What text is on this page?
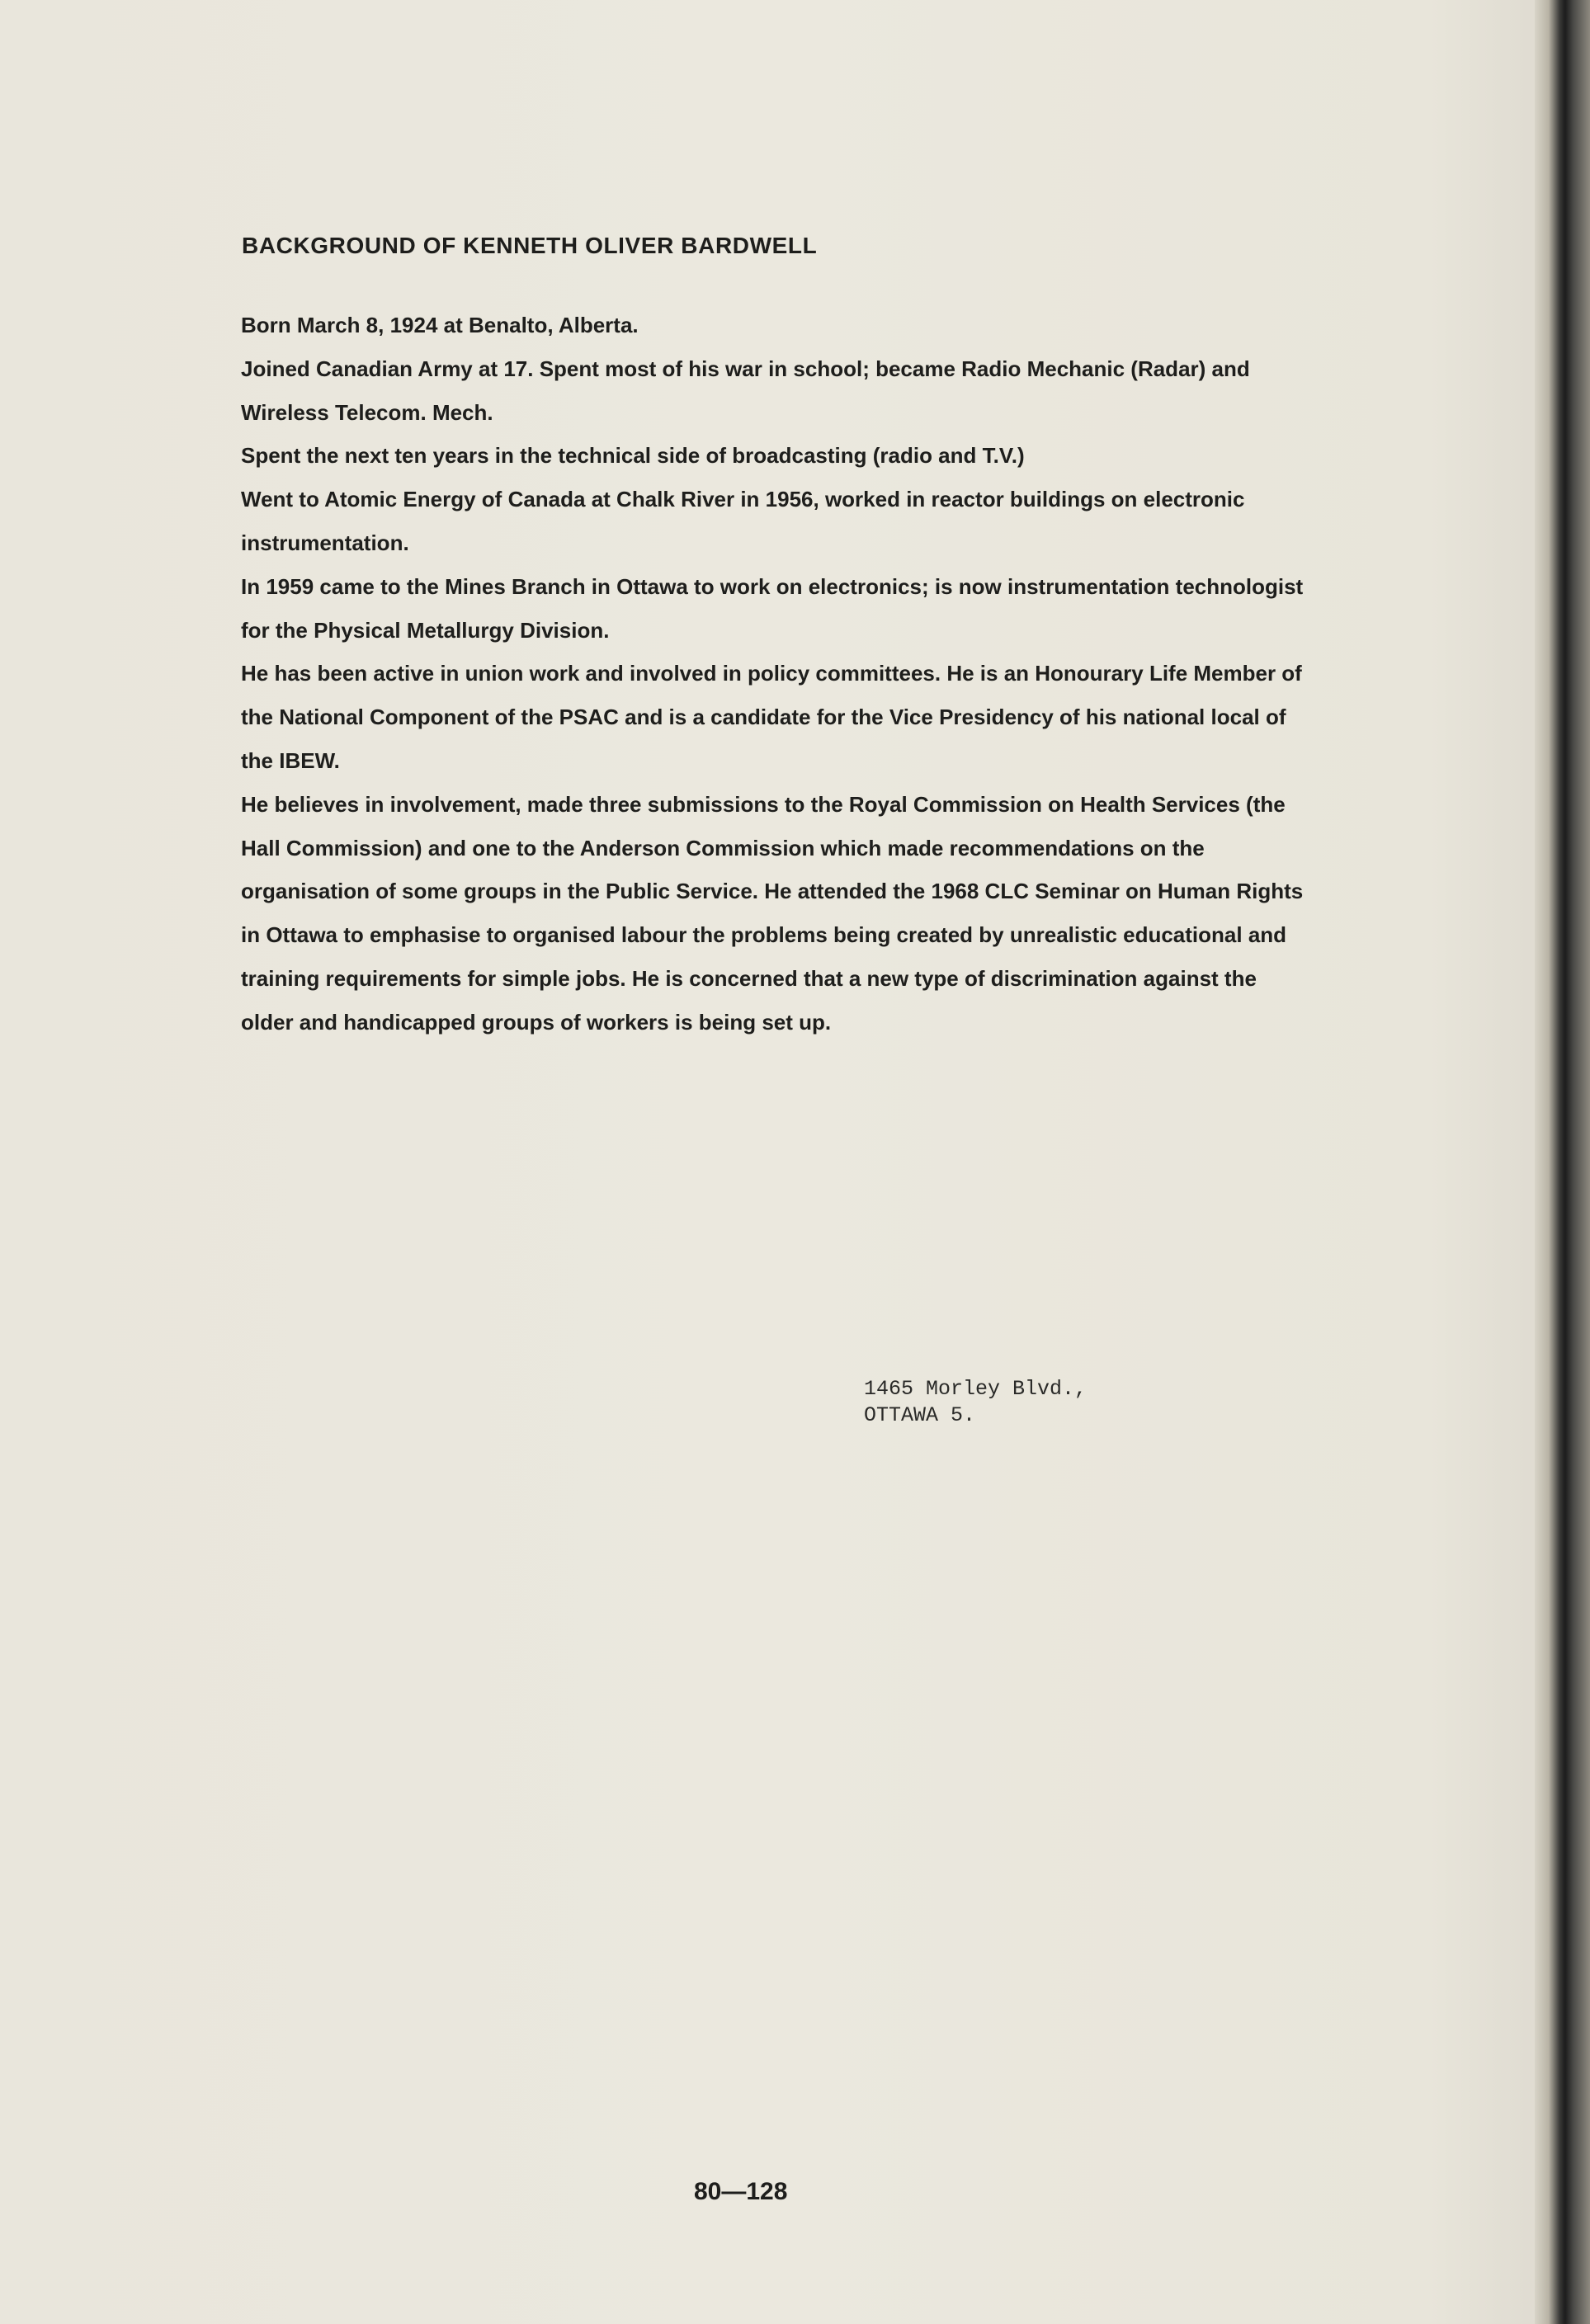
BACKGROUND OF KENNETH OLIVER BARDWELL

Born March 8, 1924 at Benalto, Alberta.

Joined Canadian Army at 17. Spent most of his war in school; became Radio Mechanic (Radar) and Wireless Telecom. Mech.

Spent the next ten years in the technical side of broadcasting (radio and T.V.)

Went to Atomic Energy of Canada at Chalk River in 1956, worked in reactor buildings on electronic instrumentation.

In 1959 came to the Mines Branch in Ottawa to work on electronics; is now instrumentation technologist for the Physical Metallurgy Division.

He has been active in union work and involved in policy committees. He is an Honourary Life Member of the National Component of the PSAC and is a candidate for the Vice Presidency of his national local of the IBEW.

He believes in involvement, made three submissions to the Royal Commission on Health Services (the Hall Commission) and one to the Anderson Commission which made recommendations on the organisation of some groups in the Public Service. He attended the 1968 CLC Seminar on Human Rights in Ottawa to emphasise to organised labour the problems being created by unrealistic educational and training requirements for simple jobs. He is concerned that a new type of discrimination against the older and handicapped groups of workers is being set up.

1465 Morley Blvd.,
OTTAWA 5.
80—128
